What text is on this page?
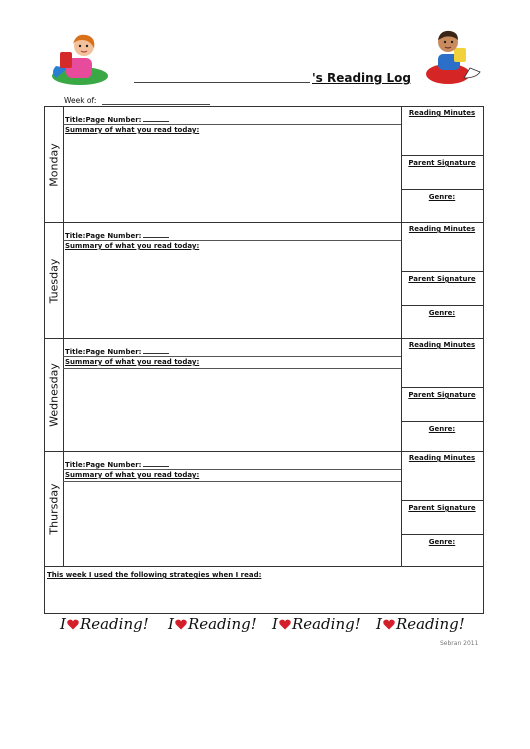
's Reading Log
Week of:
Monday
Title:Page Number:
Summary of what you read today:
Reading Minutes
Parent Signature
Genre:
Tuesday
Title:Page Number:
Summary of what you read today:
Reading Minutes
Parent Signature
Genre:
Wednesday
Title:Page Number:
Summary of what you read today:
Reading Minutes
Parent Signature
Genre:
Thursday
Title:Page Number:
Summary of what you read today:
Reading Minutes
Parent Signature
Genre:
This week I used the following strategies when I read:
I Reading! I Reading! I Reading! I Reading!
Sebran 2011
